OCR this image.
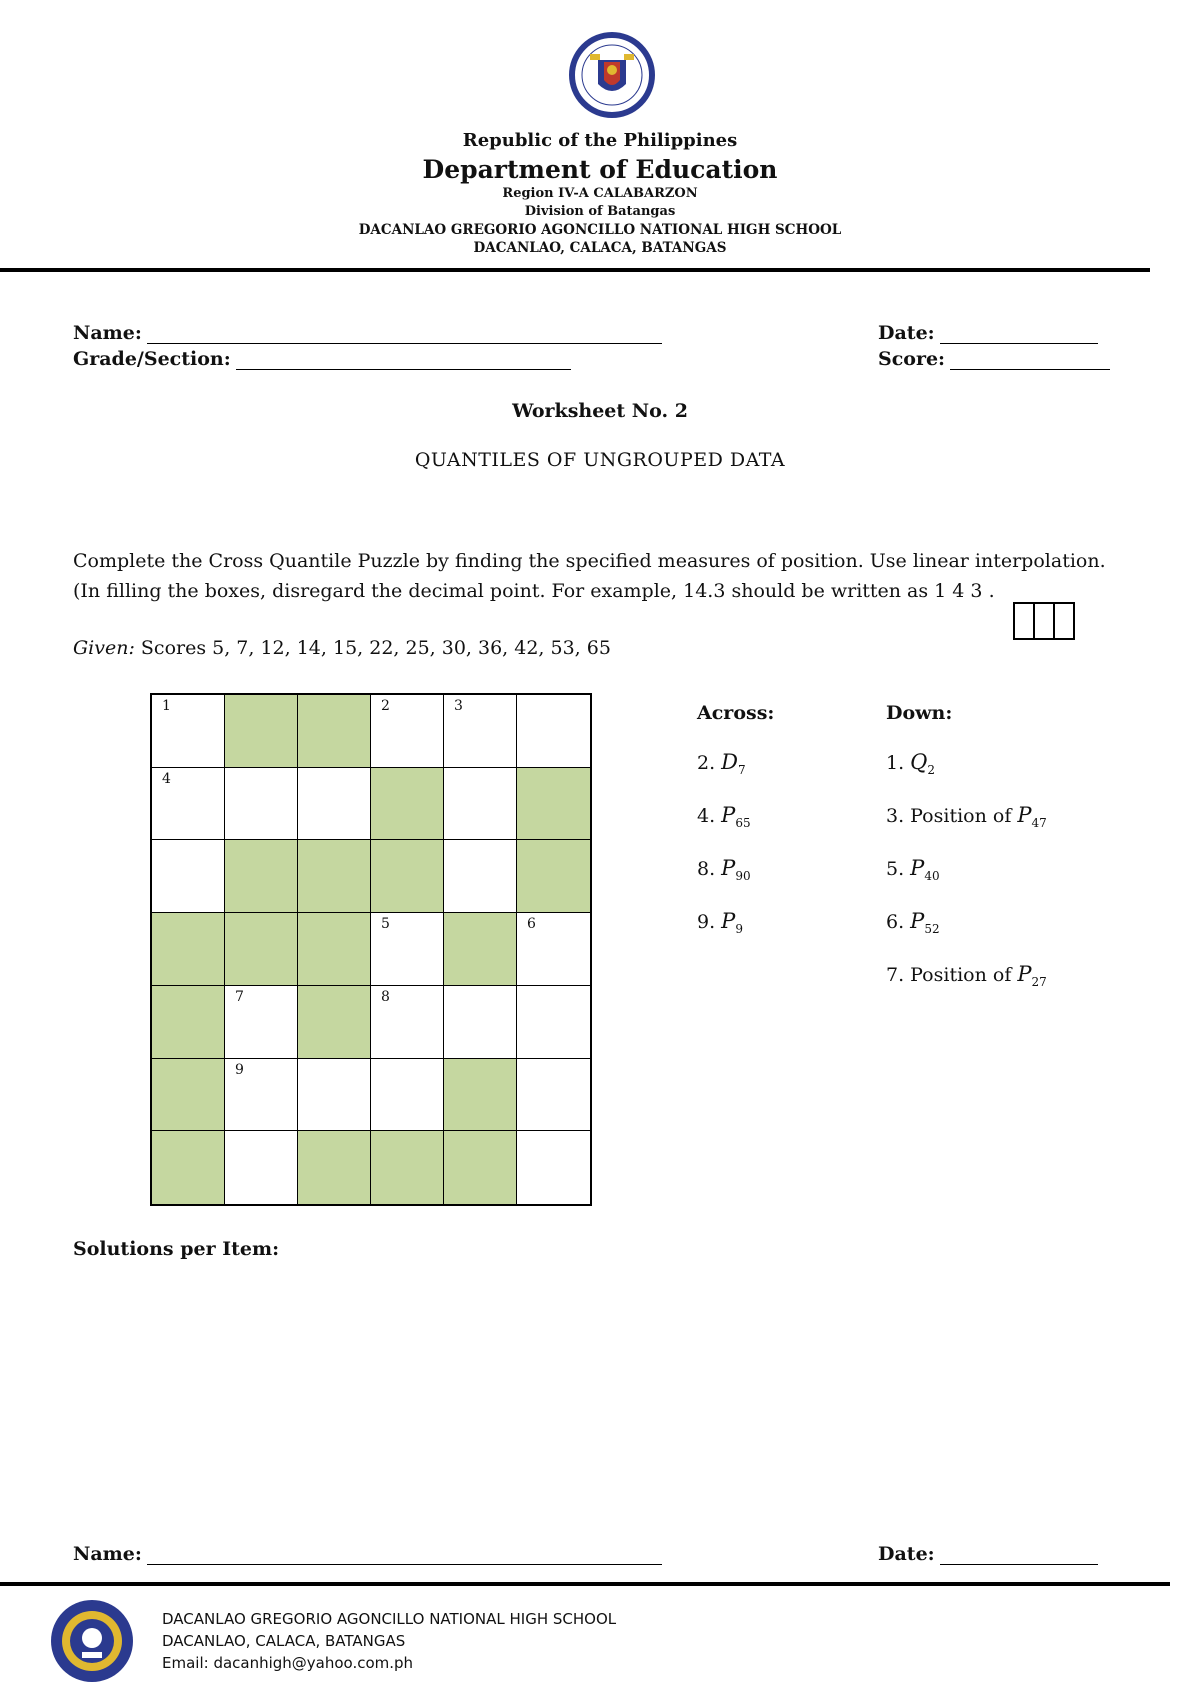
Republic of the Philippines
Department of Education
Region IV-A CALABARZON
Division of Batangas
DACANLAO GREGORIO AGONCILLO NATIONAL HIGH SCHOOL
DACANLAO, CALACA, BATANGAS
Name:	Date:
Grade/Section:	Score:
Worksheet No. 2
QUANTILES OF UNGROUPED DATA
Complete the Cross Quantile Puzzle by finding the specified measures of position. Use linear interpolation.
(In filling the boxes, disregard the decimal point. For example, 14.3 should be written as 1 4 3 .
Given: Scores 5, 7, 12, 14, 15, 22, 25, 30, 36, 42, 53, 65
1	2	3
4
5	6
7	8
9
Across:	Down:
2. $D_7$
4. $P_{65}$
8. $P_{90}$
9. $P_9$
1. $Q_2$
3. Position of $P_{47}$
5. $P_{40}$
6. $P_{52}$
7. Position of $P_{27}$
Solutions per Item:
Name:	Date:
DACANLAO GREGORIO AGONCILLO NATIONAL HIGH SCHOOL
DACANLAO, CALACA, BATANGAS
Email: dacanhigh@yahoo.com.ph
